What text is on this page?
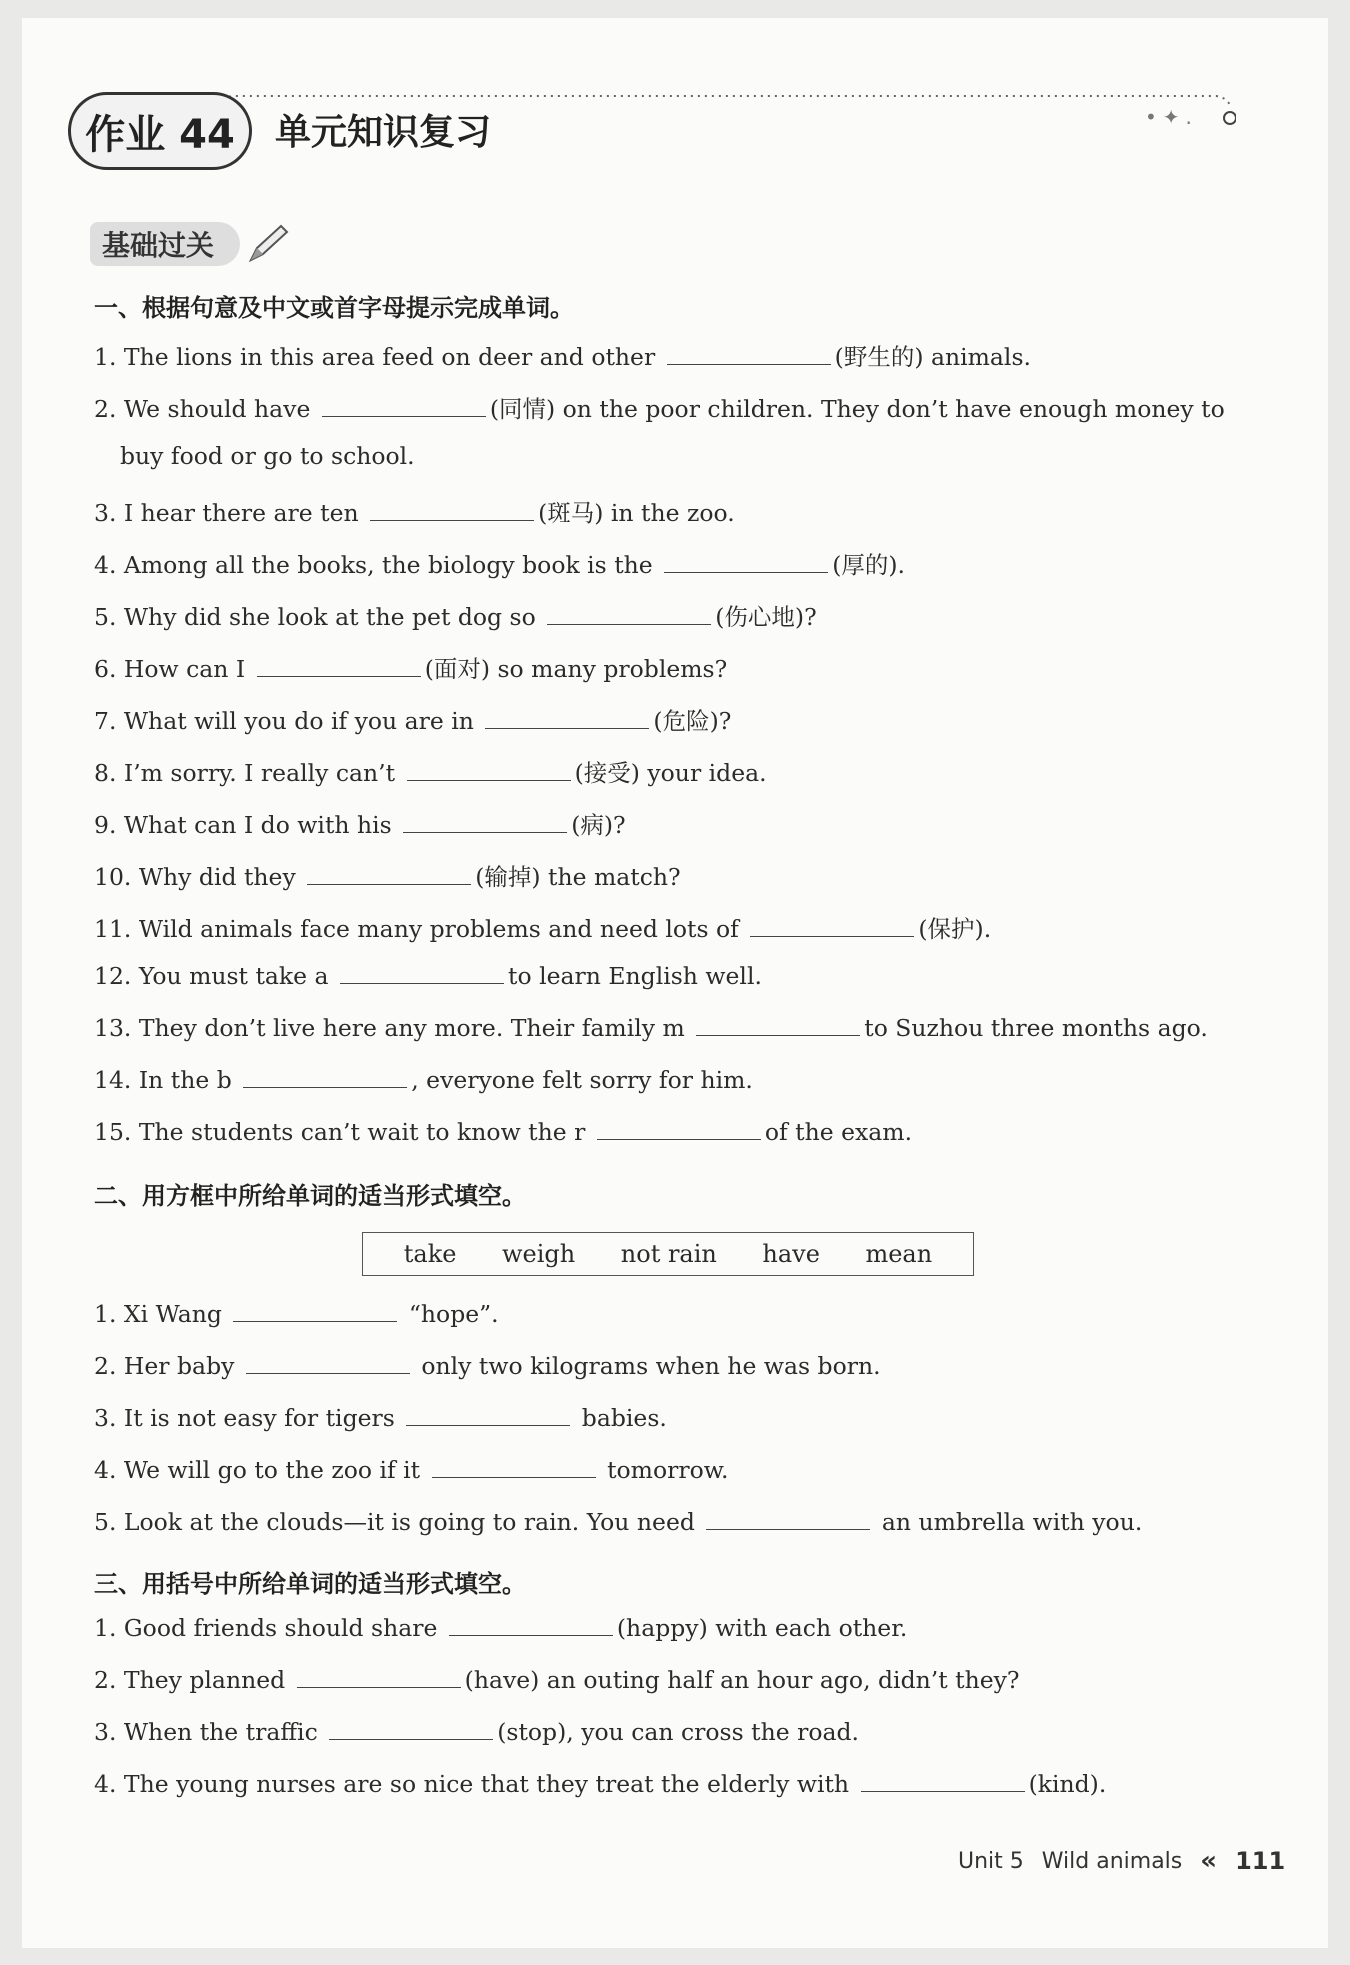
•✦.
作业 44	单元知识复习
基础过关
一、根据句意及中文或首字母提示完成单词。
1. The lions in this area feed on deer and other	(野生的) animals.
2. We should have	(同情) on the poor children. They don’t have enough money to
buy food or go to school.
3. I hear there are ten	(斑马) in the zoo.
4. Among all the books, the biology book is the	(厚的).
5. Why did she look at the pet dog so	(伤心地)?
6. How can I	(面对) so many problems?
7. What will you do if you are in	(危险)?
8. I’m sorry. I really can’t	(接受) your idea.
9. What can I do with his	(病)?
10. Why did they	(输掉) the match?
11. Wild animals face many problems and need lots of	(保护).
12. You must take a	to learn English well.
13. They don’t live here any more. Their family m	to Suzhou three months ago.
14. In the b	, everyone felt sorry for him.
15. The students can’t wait to know the r	of the exam.
二、用方框中所给单词的适当形式填空。
take weigh not rain have mean
1. Xi Wang	“hope”.
2. Her baby	only two kilograms when he was born.
3. It is not easy for tigers	babies.
4. We will go to the zoo if it	tomorrow.
5. Look at the clouds—it is going to rain. You need	an umbrella with you.
三、用括号中所给单词的适当形式填空。
1. Good friends should share	(happy) with each other.
2. They planned	(have) an outing half an hour ago, didn’t they?
3. When the traffic	(stop), you can cross the road.
4. The young nurses are so nice that they treat the elderly with	(kind).
Unit 5 Wild animals « 111
